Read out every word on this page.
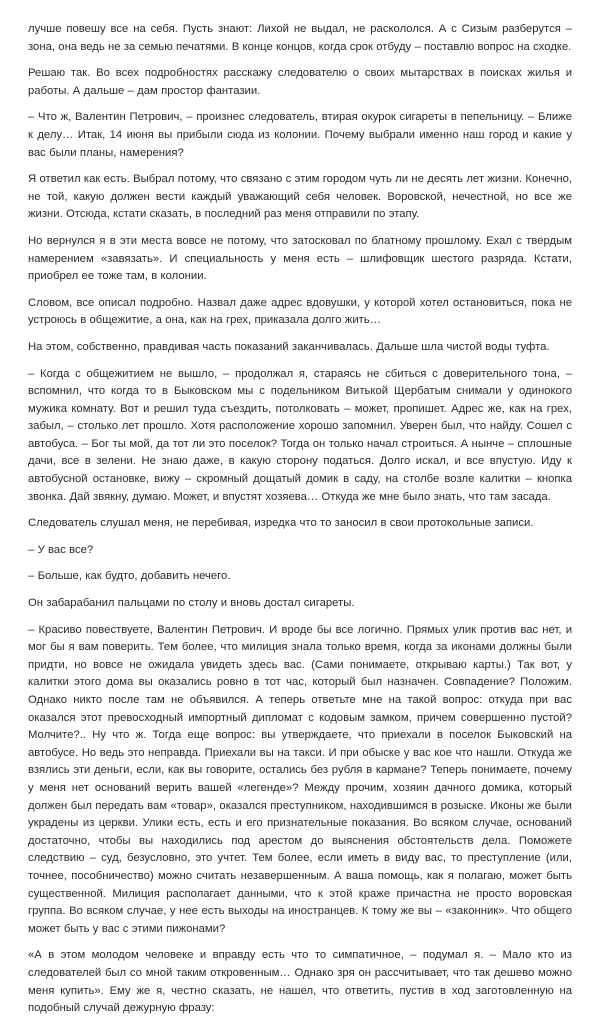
лучше повешу все на себя. Пусть знают: Лихой не выдал, не раскололся. А с Сизым разберутся – зона, она ведь не за семью печатями. В конце концов, когда срок отбуду – поставлю вопрос на сходке.

Решаю так. Во всех подробностях расскажу следователю о своих мытарствах в поисках жилья и работы. А дальше – дам простор фантазии.

– Что ж, Валентин Петрович, – произнес следователь, втирая окурок сигареты в пепельницу. – Ближе к делу… Итак, 14 июня вы прибыли сюда из колонии. Почему выбрали именно наш город и какие у вас были планы, намерения?

Я ответил как есть. Выбрал потому, что связано с этим городом чуть ли не десять лет жизни. Конечно, не той, какую должен вести каждый уважающий себя человек. Воровской, нечестной, но все же жизни. Отсюда, кстати сказать, в последний раз меня отправили по этапу.

Но вернулся я в эти места вовсе не потому, что затосковал по блатному прошлому. Ехал с твердым намерением «завязать». И специальность у меня есть – шлифовщик шестого разряда. Кстати, приобрел ее тоже там, в колонии.

Словом, все описал подробно. Назвал даже адрес вдовушки, у которой хотел остановиться, пока не устроюсь в общежитие, а она, как на грех, приказала долго жить…

На этом, собственно, правдивая часть показаний заканчивалась. Дальше шла чистой воды туфта.

– Когда с общежитием не вышло, – продолжал я, стараясь не сбиться с доверительного тона, – вспомнил, что когда то в Быковском мы с подельником Витькой Щербатым снимали у одинокого мужика комнату. Вот и решил туда съездить, потолковать – может, пропишет. Адрес же, как на грех, забыл, – столько лет прошло. Хотя расположение хорошо запомнил. Уверен был, что найду. Сошел с автобуса. – Бог ты мой, да тот ли это поселок? Тогда он только начал строиться. А нынче – сплошные дачи, все в зелени. Не знаю даже, в какую сторону податься. Долго искал, и все впустую. Иду к автобусной остановке, вижу – скромный дощатый домик в саду, на столбе возле калитки – кнопка звонка. Дай звякну, думаю. Может, и впустят хозяева… Откуда же мне было знать, что там засада.

Следователь слушал меня, не перебивая, изредка что то заносил в свои протокольные записи.

– У вас все?

– Больше, как будто, добавить нечего.

Он забарабанил пальцами по столу и вновь достал сигареты.

– Красиво повествуете, Валентин Петрович. И вроде бы все логично. Прямых улик против вас нет, и мог бы я вам поверить. Тем более, что милиция знала только время, когда за иконами должны были придти, но вовсе не ожидала увидеть здесь вас. (Сами понимаете, открываю карты.) Так вот, у калитки этого дома вы оказались ровно в тот час, который был назначен. Совпадение? Положим. Однако никто после там не объявился. А теперь ответьте мне на такой вопрос: откуда при вас оказался этот превосходный импортный дипломат с кодовым замком, причем совершенно пустой? Молчите?.. Ну что ж. Тогда еще вопрос: вы утверждаете, что приехали в поселок Быковский на автобусе. Но ведь это неправда. Приехали вы на такси. И при обыске у вас кое что нашли. Откуда же взялись эти деньги, если, как вы говорите, остались без рубля в кармане? Теперь понимаете, почему у меня нет оснований верить вашей «легенде»? Между прочим, хозяин дачного домика, который должен был передать вам «товар», оказался преступником, находившимся в розыске. Иконы же были украдены из церкви. Улики есть, есть и его признательные показания. Во всяком случае, оснований достаточно, чтобы вы находились под арестом до выяснения обстоятельств дела. Поможете следствию – суд, безусловно, это учтет. Тем более, если иметь в виду вас, то преступление (или, точнее, пособничество) можно считать незавершенным. А ваша помощь, как я полагаю, может быть существенной. Милиция располагает данными, что к этой краже причастна не просто воровская группа. Во всяком случае, у нее есть выходы на иностранцев. К тому же вы – «законник». Что общего может быть у вас с этими пижонами?

«А в этом молодом человеке и вправду есть что то симпатичное, – подумал я. – Мало кто из следователей был со мной таким откровенным… Однако зря он рассчитывает, что так дешево можно меня купить». Ему же я, честно сказать, не нашел, что ответить, пустив в ход заготовленную на подобный случай дежурную фразу:
